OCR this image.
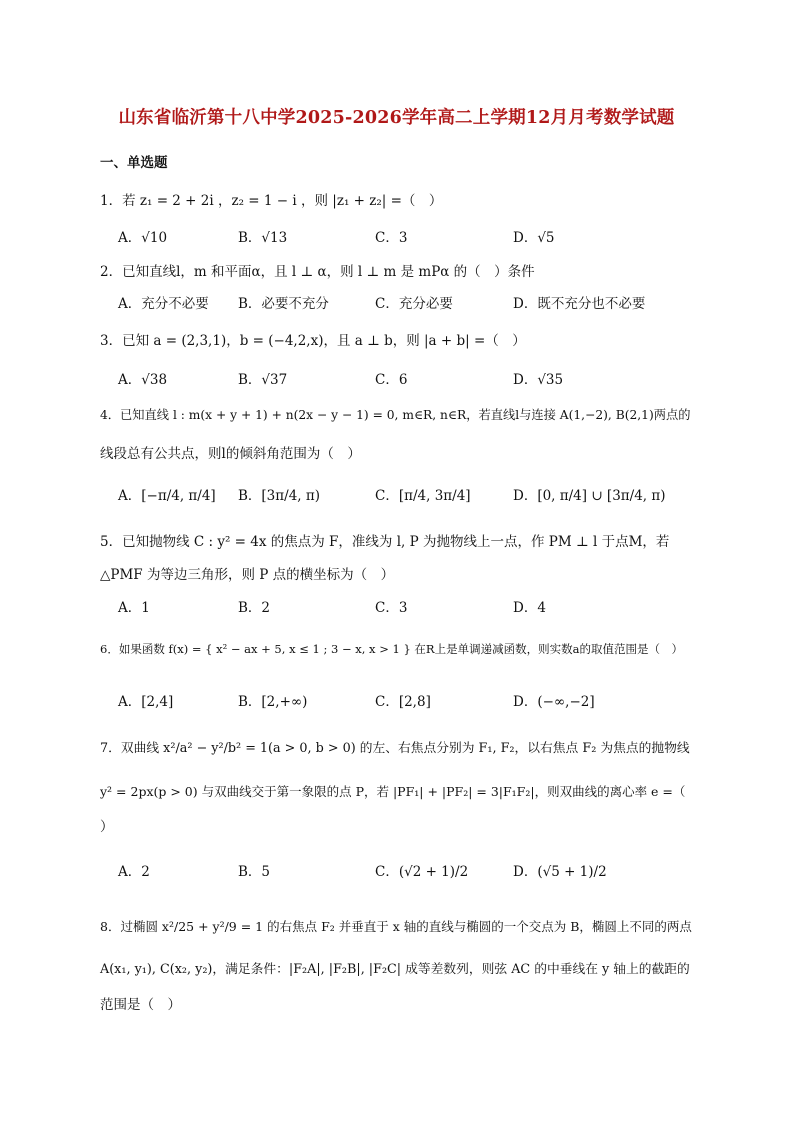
山东省临沂第十八中学2025-2026学年高二上学期12月月考数学试题
一、单选题
1．若 z₁ = 2 + 2i ，z₂ = 1 − i ，则 |z₁ + z₂| =（　）
A．√10	B．√13	C．3	D．√5
2．已知直线l，m 和平面α，且 l ⊥ α，则 l ⊥ m 是 mPα 的（　）条件
A．充分不必要 B．必要不充分	C．充分必要	D．既不充分也不必要
3．已知 a = (2,3,1)，b = (−4,2,x)，且 a ⊥ b，则 |a + b| =（　）
A．√38	B．√37	C．6	D．√35
4．已知直线 l : m(x + y + 1) + n(2x − y − 1) = 0, m∈R, n∈R，若直线l与连接 A(1,−2), B(2,1)两点的
线段总有公共点，则l的倾斜角范围为（　）
A．[−π/4, π/4] B．[3π/4, π)	C．[π/4, 3π/4]	D．[0, π/4] ∪ [3π/4, π)
5．已知抛物线 C : y² = 4x 的焦点为 F，准线为 l, P 为抛物线上一点，作 PM ⊥ l 于点M，若
△PMF 为等边三角形，则 P 点的横坐标为（　）
A．1	B．2	C．3	D．4
6．如果函数 f(x) = { x² − ax + 5, x ≤ 1 ; 3 − x, x > 1 } 在R上是单调递减函数，则实数a的取值范围是（　）
A．[2,4]	B．[2,+∞)	C．[2,8]	D．(−∞,−2]
7．双曲线 x²/a² − y²/b² = 1(a > 0, b > 0) 的左、右焦点分别为 F₁, F₂，以右焦点 F₂ 为焦点的抛物线
y² = 2px(p > 0) 与双曲线交于第一象限的点 P，若 |PF₁| + |PF₂| = 3|F₁F₂|，则双曲线的离心率 e =（
）
A．2	B．5	C．(√2 + 1)/2	D．(√5 + 1)/2
8．过椭圆 x²/25 + y²/9 = 1 的右焦点 F₂ 并垂直于 x 轴的直线与椭圆的一个交点为 B，椭圆上不同的两点
A(x₁, y₁), C(x₂, y₂)，满足条件：|F₂A|, |F₂B|, |F₂C| 成等差数列，则弦 AC 的中垂线在 y 轴上的截距的
范围是（　）
